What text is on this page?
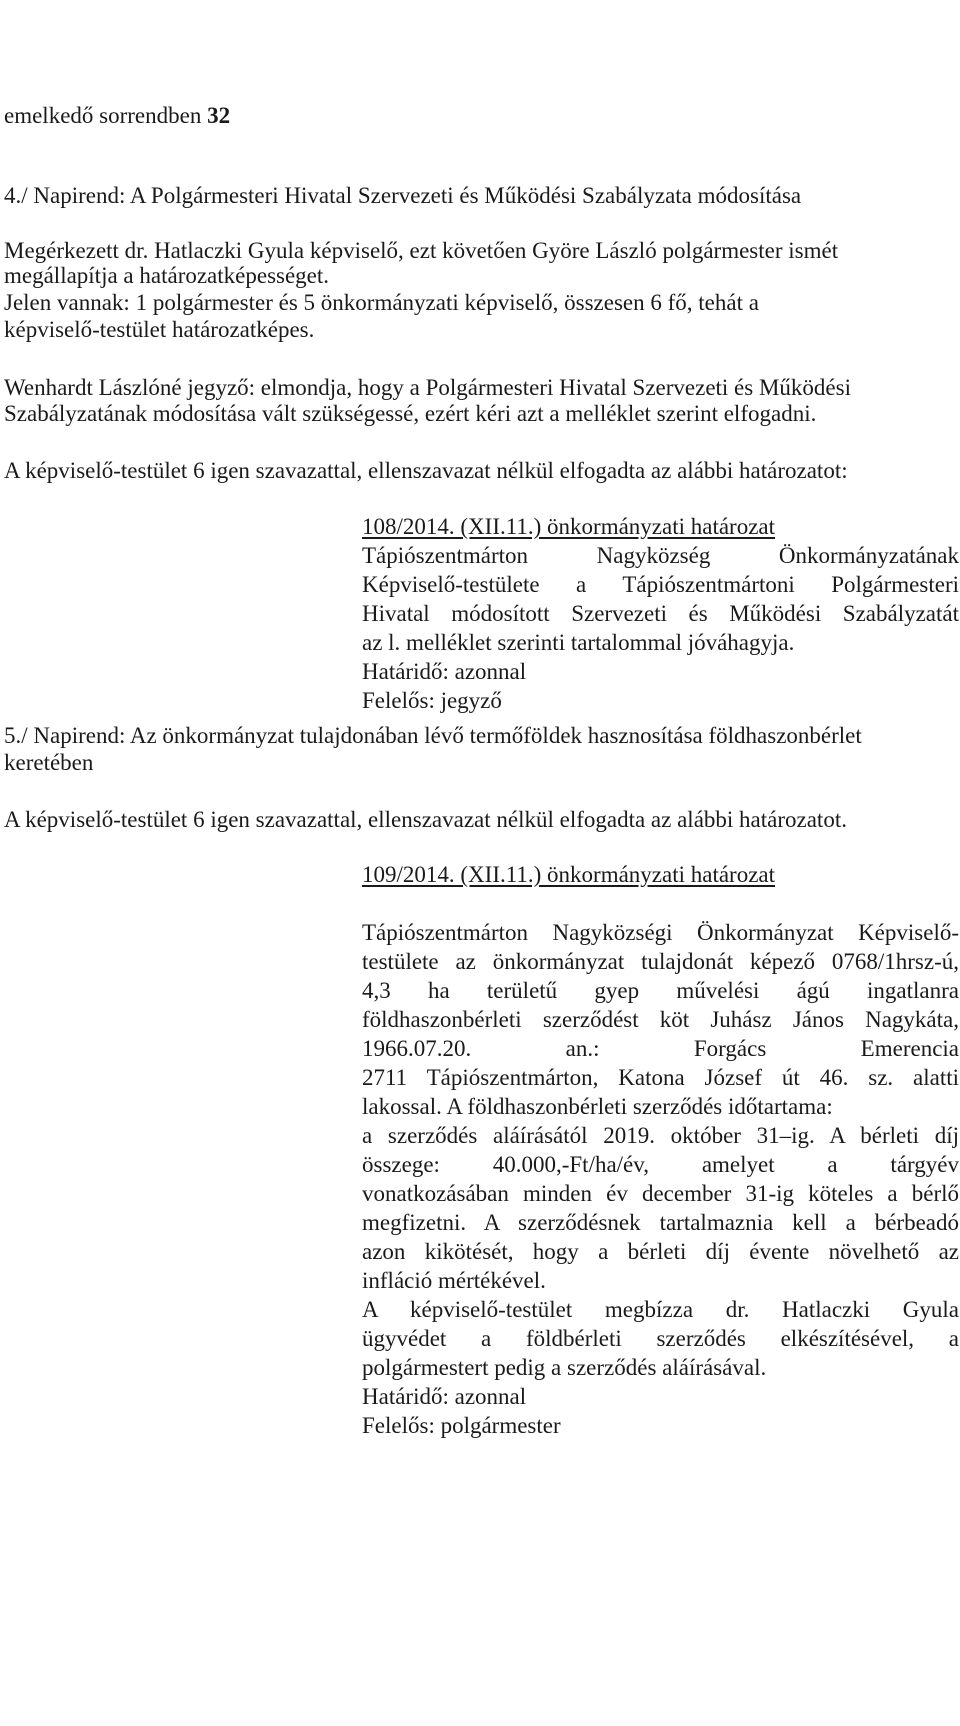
emelkedő sorrendben 32

4./ Napirend: A Polgármesteri Hivatal Szervezeti és Működési Szabályzata módosítása

Megérkezett dr. Hatlaczki Gyula képviselő, ezt követően Györe László polgármester ismét

megállapítja a határozatképességet.

Jelen vannak: 1 polgármester és 5 önkormányzati képviselő, összesen 6 fő, tehát a

képviselő-testület határozatképes.

Wenhardt Lászlóné jegyző: elmondja, hogy a Polgármesteri Hivatal Szervezeti és Működési

Szabályzatának módosítása vált szükségessé, ezért kéri azt a melléklet szerint elfogadni.

A képviselő-testület 6 igen szavazattal, ellenszavazat nélkül elfogadta az alábbi határozatot:

108/2014. (XII.11.) önkormányzati határozat

Tápiószentmárton Nagyközség Önkormányzatának

Képviselő-testülete a Tápiószentmártoni Polgármesteri

Hivatal módosított Szervezeti és Működési Szabályzatát

az l. melléklet szerinti tartalommal jóváhagyja.

Határidő: azonnal

Felelős: jegyző

5./ Napirend: Az önkormányzat tulajdonában lévő termőföldek hasznosítása földhaszonbérlet

keretében

A képviselő-testület 6 igen szavazattal, ellenszavazat nélkül elfogadta az alábbi határozatot.

109/2014. (XII.11.) önkormányzati határozat

Tápiószentmárton Nagyközségi Önkormányzat Képviselő-

testülete az önkormányzat tulajdonát képező 0768/1hrsz-ú,

4,3 ha területű gyep művelési ágú ingatlanra

földhaszonbérleti szerződést köt Juhász János Nagykáta,

1966.07.20. an.: Forgács Emerencia

2711 Tápiószentmárton, Katona József út 46. sz. alatti

lakossal. A földhaszonbérleti szerződés időtartama:

a szerződés aláírásától 2019. október 31–ig. A bérleti díj

összege: 40.000,-Ft/ha/év, amelyet a tárgyév

vonatkozásában minden év december 31-ig köteles a bérlő

megfizetni. A szerződésnek tartalmaznia kell a bérbeadó

azon kikötését, hogy a bérleti díj évente növelhető az

infláció mértékével.

A képviselő-testület megbízza dr. Hatlaczki Gyula

ügyvédet a földbérleti szerződés elkészítésével, a

polgármestert pedig a szerződés aláírásával.

Határidő: azonnal

Felelős: polgármester
